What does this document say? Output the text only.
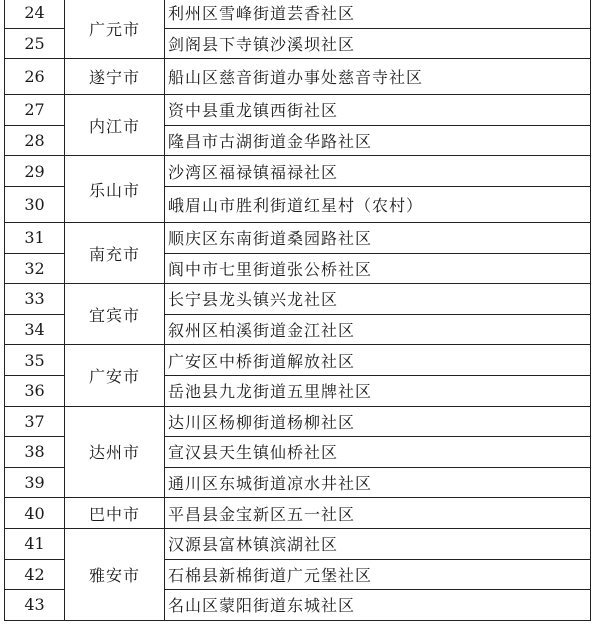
24	广元市	利州区雪峰街道芸香社区
25		剑阁县下寺镇沙溪坝社区
26	遂宁市	船山区慈音街道办事处慈音寺社区
27	内江市	资中县重龙镇西街社区
28		隆昌市古湖街道金华路社区
29	乐山市	沙湾区福禄镇福禄社区
30		峨眉山市胜利街道红星村（农村）
31	南充市	顺庆区东南街道桑园路社区
32		阆中市七里街道张公桥社区
33	宜宾市	长宁县龙头镇兴龙社区
34		叙州区柏溪街道金江社区
35	广安市	广安区中桥街道解放社区
36		岳池县九龙街道五里牌社区
37	达州市	达川区杨柳街道杨柳社区
38		宣汉县天生镇仙桥社区
39		通川区东城街道凉水井社区
40	巴中市	平昌县金宝新区五一社区
41	雅安市	汉源县富林镇滨湖社区
42		石棉县新棉街道广元堡社区
43		名山区蒙阳街道东城社区
